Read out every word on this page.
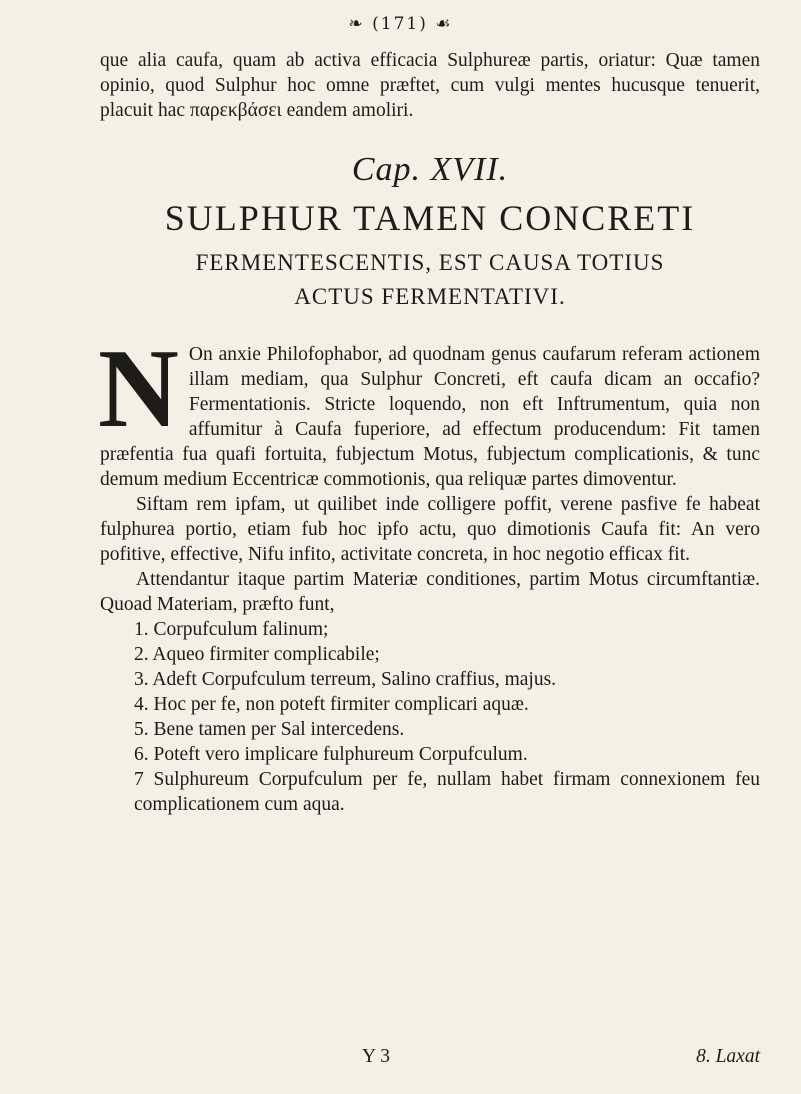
❧ (171) ☙

que alia caufa, quam ab activa efficacia Sulphureæ partis, oriatur: Quæ tamen opinio, quod Sulphur hoc omne præftet, cum vulgi mentes hucusque tenuerit, placuit hac παρεκβάσει eandem amoliri.

Cap. XVII.
SULPHUR TAMEN CONCRETI
FERMENTESCENTIS, EST CAUSA TOTIUS
ACTUS FERMENTATIVI.

N On anxie Philofophabor, ad quodnam genus caufarum referam actionem illam mediam, qua Sulphur Concreti, eft caufa dicam an occafio? Fermentationis. Stricte loquendo, non eft Inftrumentum, quia non affumitur à Caufa fuperiore, ad effectum producendum: Fit tamen præfentia fua quafi fortuita, fubjectum Motus, fubjectum complicationis, & tunc demum medium Eccentricæ commotionis, qua reliquæ partes dimoventur.

Siftam rem ipfam, ut quilibet inde colligere poffit, verene pasfive fe habeat fulphurea portio, etiam fub hoc ipfo actu, quo dimotionis Caufa fit: An vero pofitive, effective, Nifu infito, activitate concreta, in hoc negotio efficax fit.

Attendantur itaque partim Materiæ conditiones, partim Motus circumftantiæ. Quoad Materiam, præfto funt,

1. Corpufculum falinum;
2. Aqueo firmiter complicabile;
3. Adeft Corpufculum terreum, Salino craffius, majus.
4. Hoc per fe, non poteft firmiter complicari aquæ.
5. Bene tamen per Sal intercedens.
6. Poteft vero implicare fulphureum Corpufculum.
7 Sulphureum Corpufculum per fe, nullam habet firmam connexionem feu complicationem cum aqua.
Y 3	8. Laxat
